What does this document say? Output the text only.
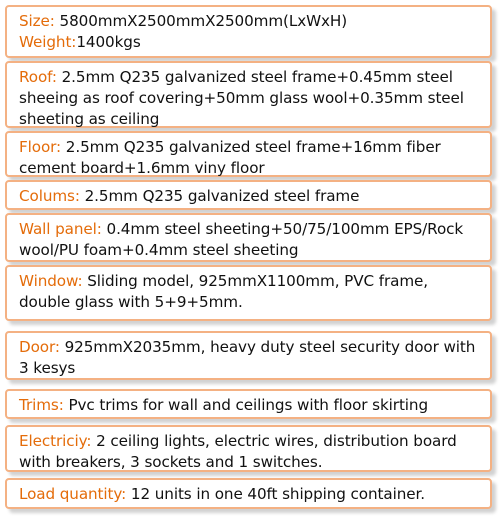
Size: 5800mmX2500mmX2500mm(LxWxH)
Weight:1400kgs
Roof: 2.5mm Q235 galvanized steel frame+0.45mm steel
sheeing as roof covering+50mm glass wool+0.35mm steel
sheeting as ceiling
Floor: 2.5mm Q235 galvanized steel frame+16mm fiber
cement board+1.6mm viny floor
Colums: 2.5mm Q235 galvanized steel frame
Wall panel: 0.4mm steel sheeting+50/75/100mm EPS/Rock
wool/PU foam+0.4mm steel sheeting
Window: Sliding model, 925mmX1100mm, PVC frame,
double glass with 5+9+5mm.
Door: 925mmX2035mm, heavy duty steel security door with
3 kesys
Trims: Pvc trims for wall and ceilings with floor skirting
Electriciy: 2 ceiling lights, electric wires, distribution board
with breakers, 3 sockets and 1 switches.
Load quantity: 12 units in one 40ft shipping container.
